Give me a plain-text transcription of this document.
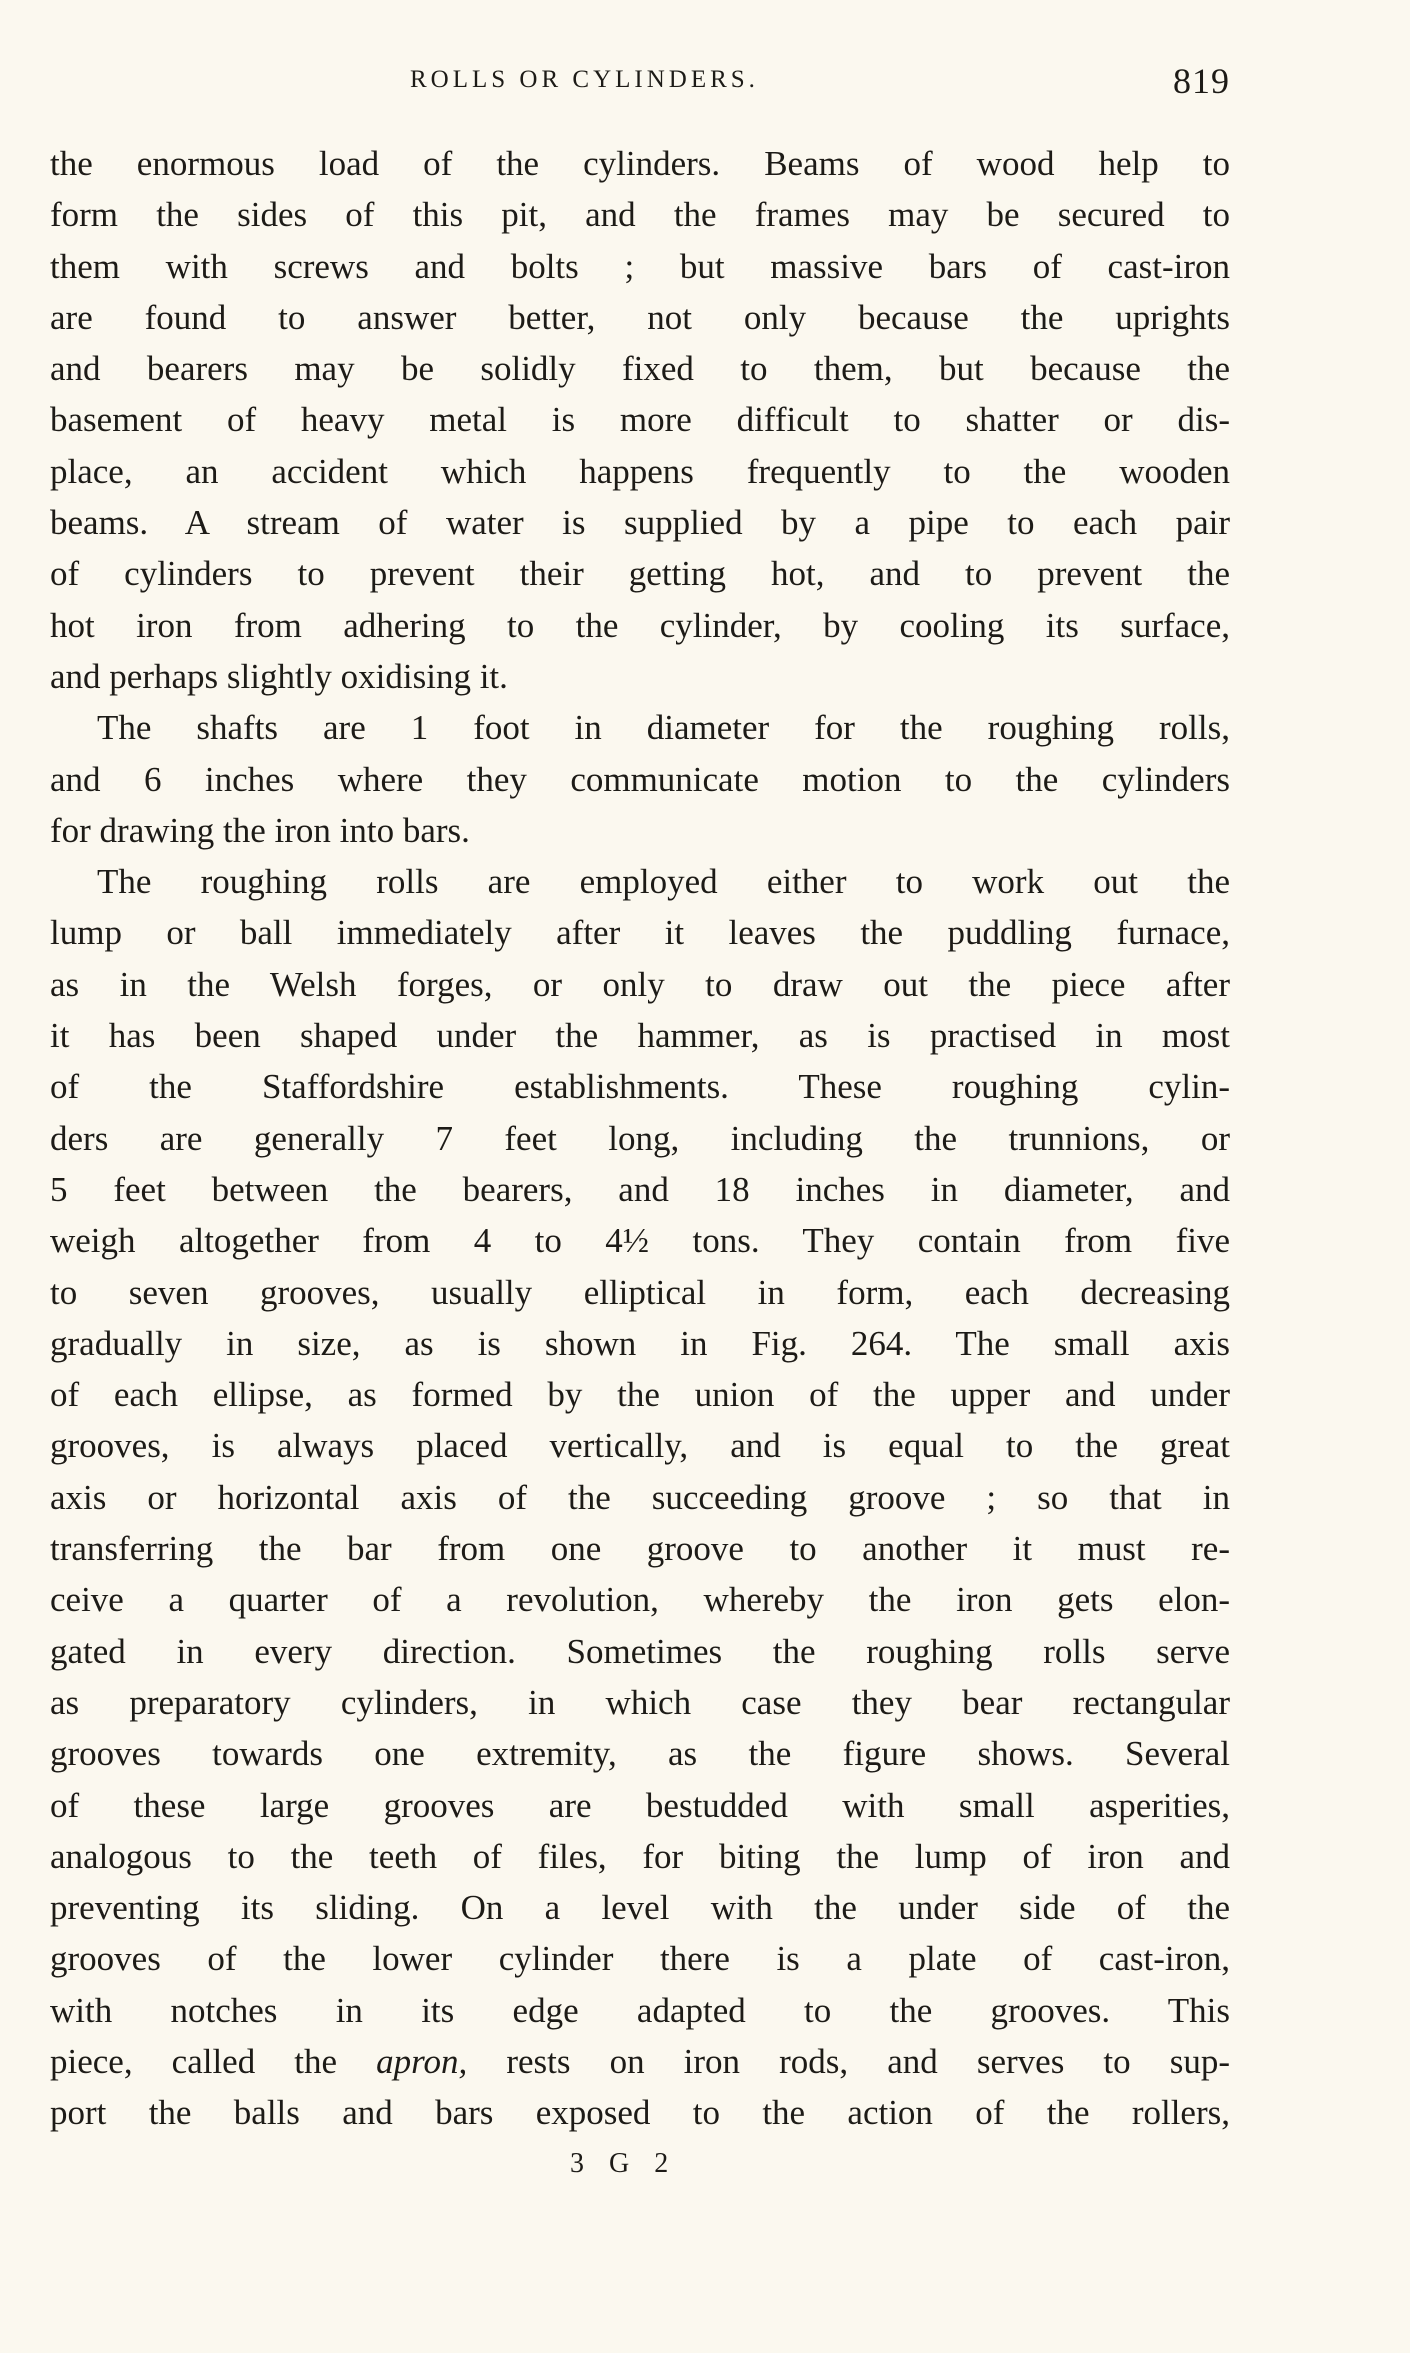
ROLLS OR CYLINDERS.	819
the enormous load of the cylinders. Beams of wood help to
form the sides of this pit, and the frames may be secured to
them with screws and bolts ; but massive bars of cast-iron
are found to answer better, not only because the uprights
and bearers may be solidly fixed to them, but because the
basement of heavy metal is more difficult to shatter or dis-
place, an accident which happens frequently to the wooden
beams. A stream of water is supplied by a pipe to each pair
of cylinders to prevent their getting hot, and to prevent the
hot iron from adhering to the cylinder, by cooling its surface,
and perhaps slightly oxidising it.
The shafts are 1 foot in diameter for the roughing rolls,
and 6 inches where they communicate motion to the cylinders
for drawing the iron into bars.
The roughing rolls are employed either to work out the
lump or ball immediately after it leaves the puddling furnace,
as in the Welsh forges, or only to draw out the piece after
it has been shaped under the hammer, as is practised in most
of the Staffordshire establishments. These roughing cylin-
ders are generally 7 feet long, including the trunnions, or
5 feet between the bearers, and 18 inches in diameter, and
weigh altogether from 4 to 4½ tons. They contain from five
to seven grooves, usually elliptical in form, each decreasing
gradually in size, as is shown in Fig. 264. The small axis
of each ellipse, as formed by the union of the upper and under
grooves, is always placed vertically, and is equal to the great
axis or horizontal axis of the succeeding groove ; so that in
transferring the bar from one groove to another it must re-
ceive a quarter of a revolution, whereby the iron gets elon-
gated in every direction. Sometimes the roughing rolls serve
as preparatory cylinders, in which case they bear rectangular
grooves towards one extremity, as the figure shows. Several
of these large grooves are bestudded with small asperities,
analogous to the teeth of files, for biting the lump of iron and
preventing its sliding. On a level with the under side of the
grooves of the lower cylinder there is a plate of cast-iron,
with notches in its edge adapted to the grooves. This
piece, called the apron, rests on iron rods, and serves to sup-
port the balls and bars exposed to the action of the rollers,
3 G 2
